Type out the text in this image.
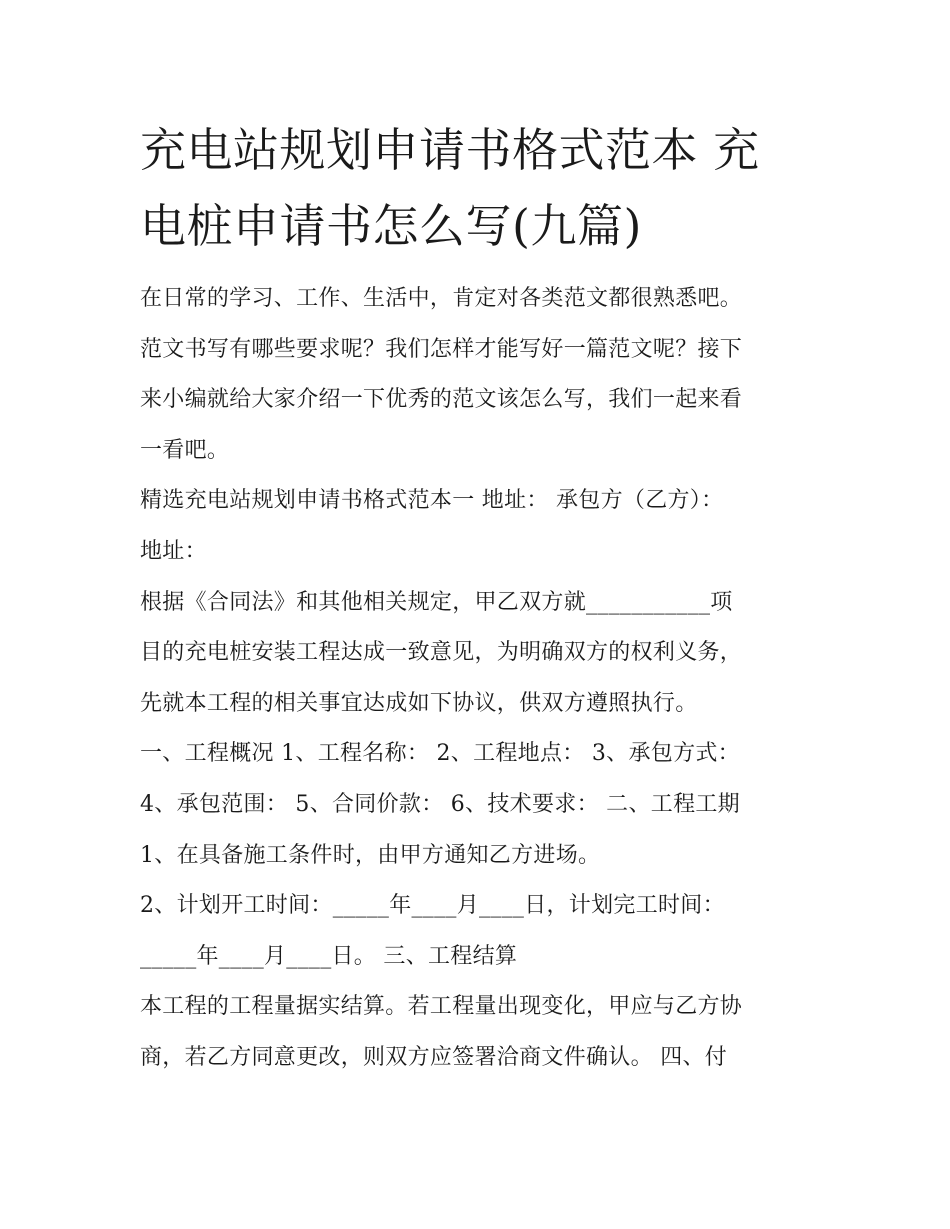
充电站规划申请书格式范本 充
电桩申请书怎么写(九篇)
在日常的学习、工作、生活中，肯定对各类范文都很熟悉吧。
范文书写有哪些要求呢？我们怎样才能写好一篇范文呢？接下
来小编就给大家介绍一下优秀的范文该怎么写，我们一起来看
一看吧。
精选充电站规划申请书格式范本一 地址： 承包方（乙方）：
地址：
根据《合同法》和其他相关规定，甲乙双方就___________项
目的充电桩安装工程达成一致意见，为明确双方的权利义务，
先就本工程的相关事宜达成如下协议，供双方遵照执行。
一、工程概况 1、工程名称： 2、工程地点： 3、承包方式：
4、承包范围： 5、合同价款： 6、技术要求： 二、工程工期
1、在具备施工条件时，由甲方通知乙方进场。
2、计划开工时间：_____年____月____日，计划完工时间：
_____年____月____日。 三、工程结算
本工程的工程量据实结算。若工程量出现变化，甲应与乙方协
商，若乙方同意更改，则双方应签署洽商文件确认。 四、付
